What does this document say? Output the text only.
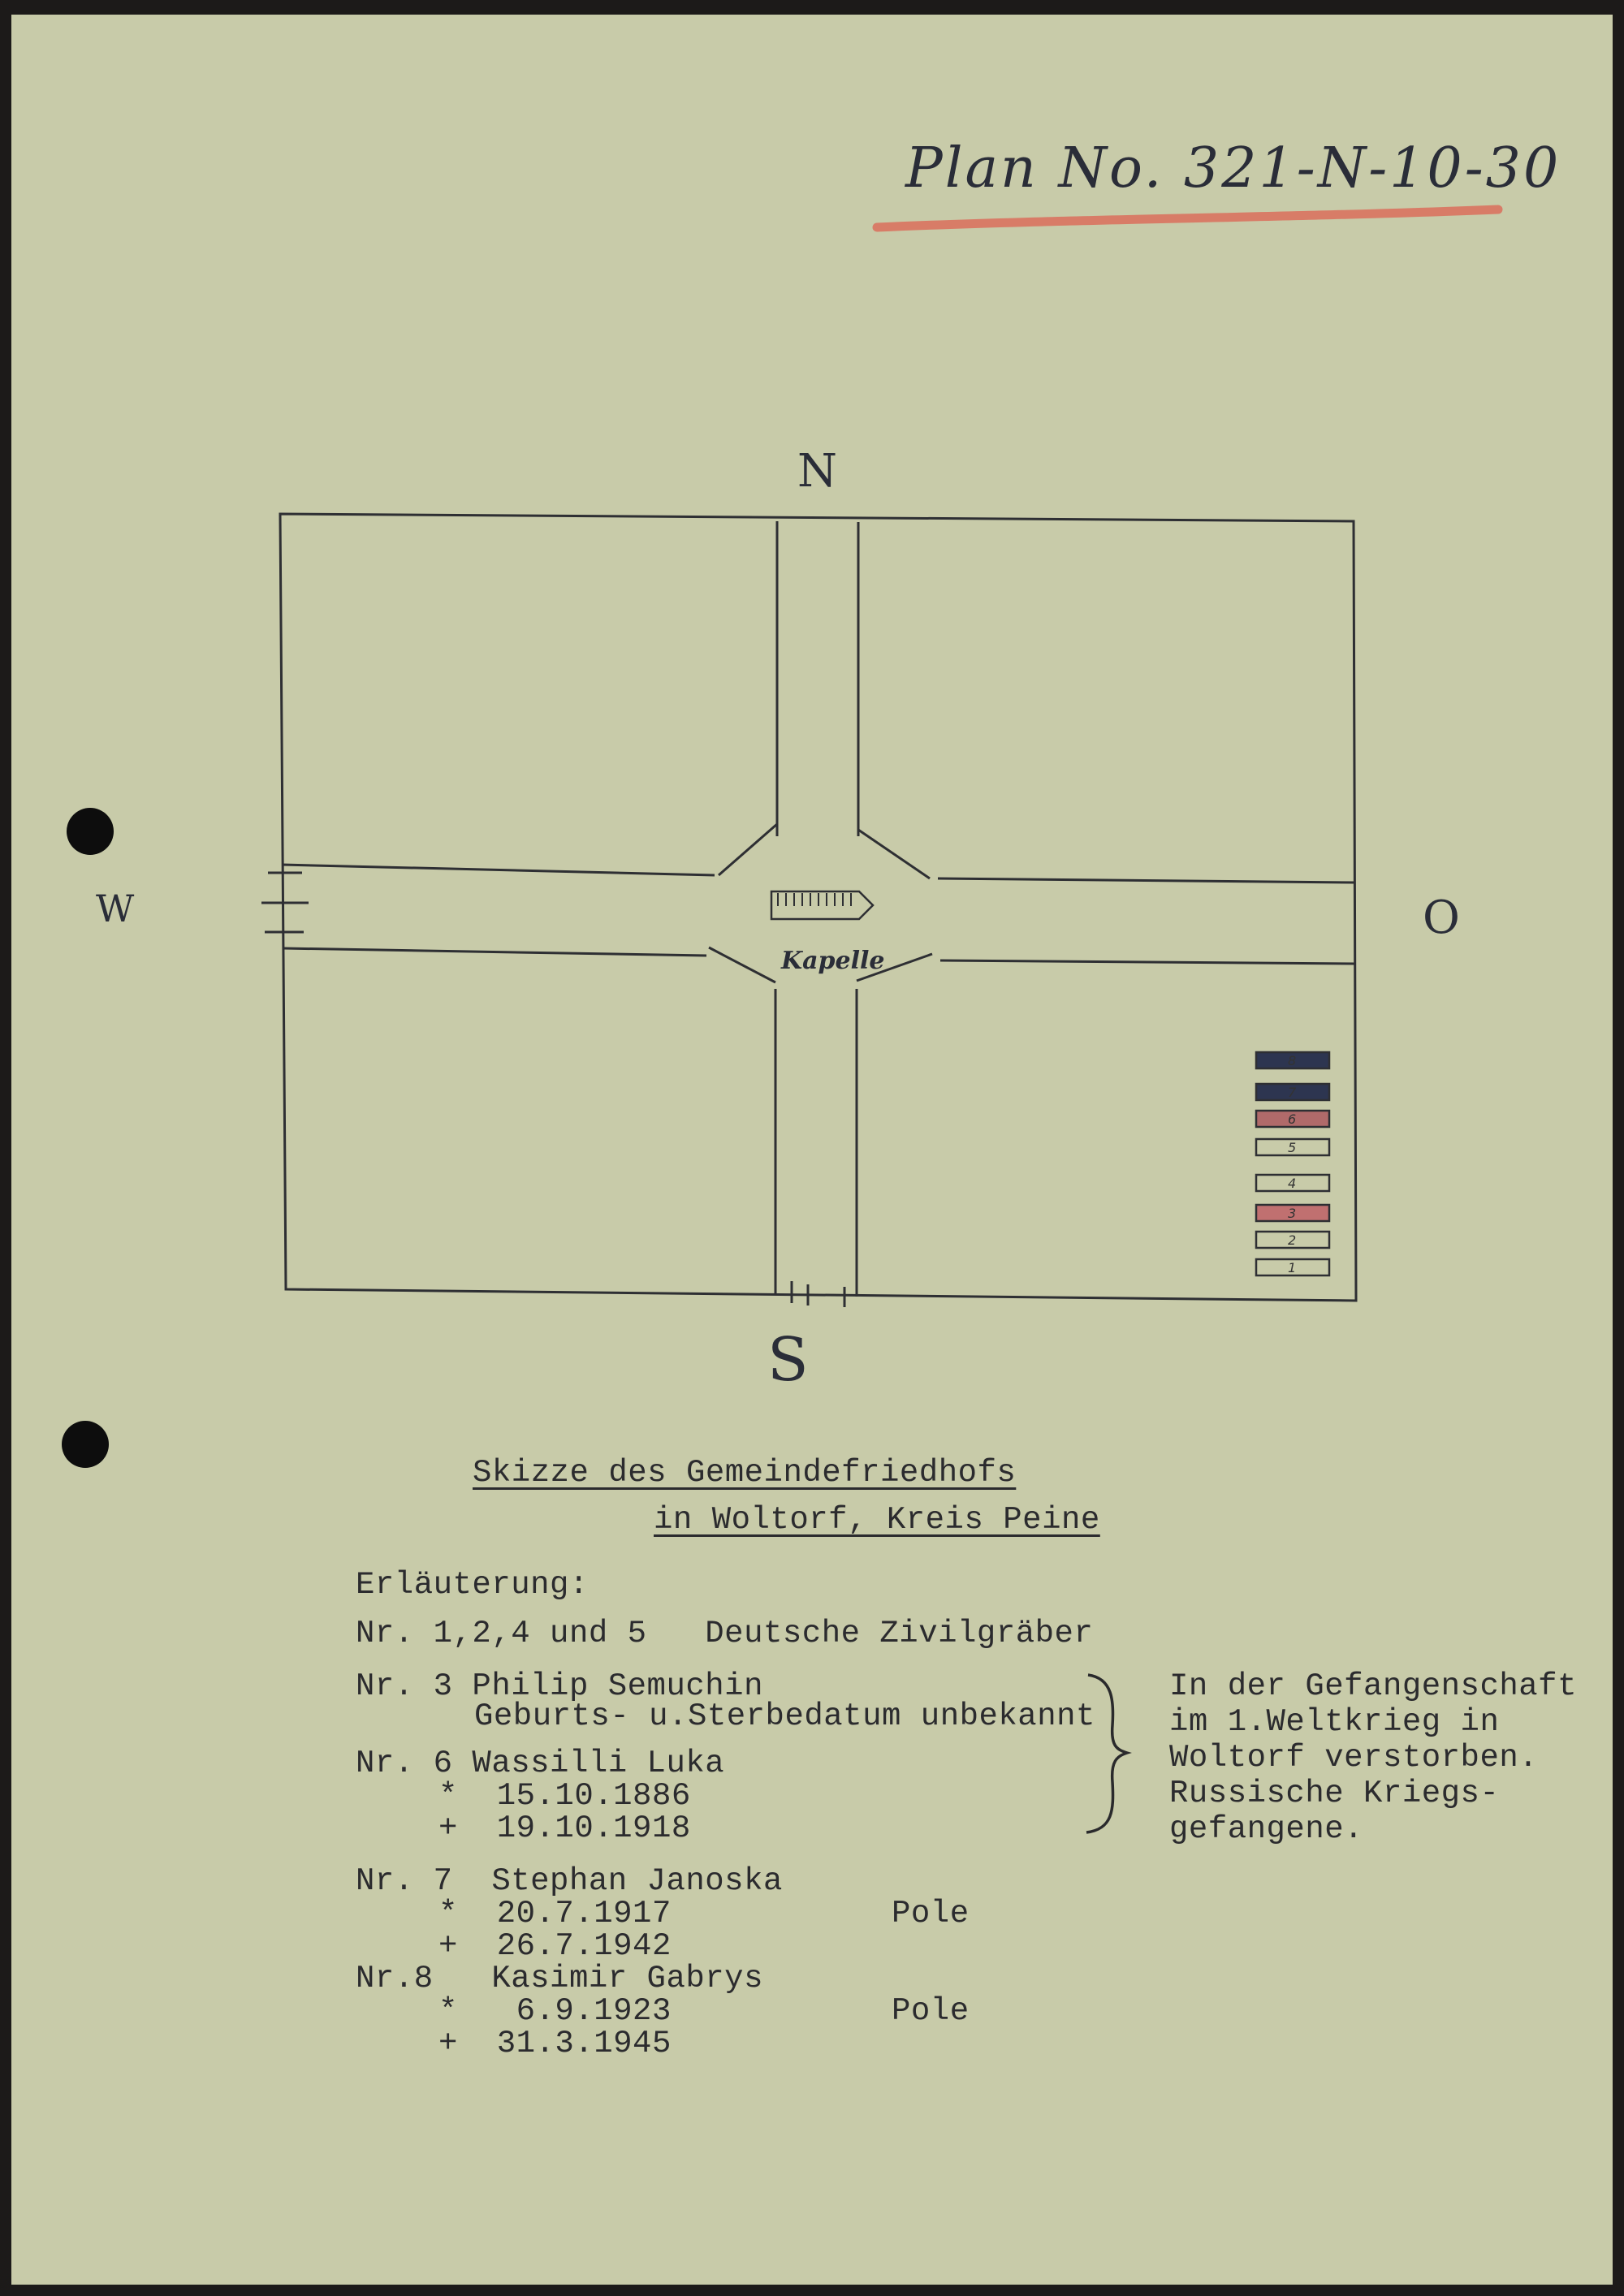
Plan No. 321-N-10-30
Kapelle
8
7
6
5
4
3
2
1
N
S
O
W
Skizze des Gemeindefriedhofs
in Woltorf, Kreis Peine
Erläuterung:
Nr. 1,2,4 und 5   Deutsche Zivilgräber
Nr. 3 Philip Semuchin
Geburts- u.Sterbedatum unbekannt
Nr. 6 Wassilli Luka
*  15.10.1886
+  19.10.1918
In der Gefangenschaft
im 1.Weltkrieg in
Woltorf verstorben.
Russische Kriegs-
gefangene.
Nr. 7  Stephan Janoska
*  20.7.1917
+  26.7.1942
Pole
Nr.8   Kasimir Gabrys
*   6.9.1923
+  31.3.1945
Pole
